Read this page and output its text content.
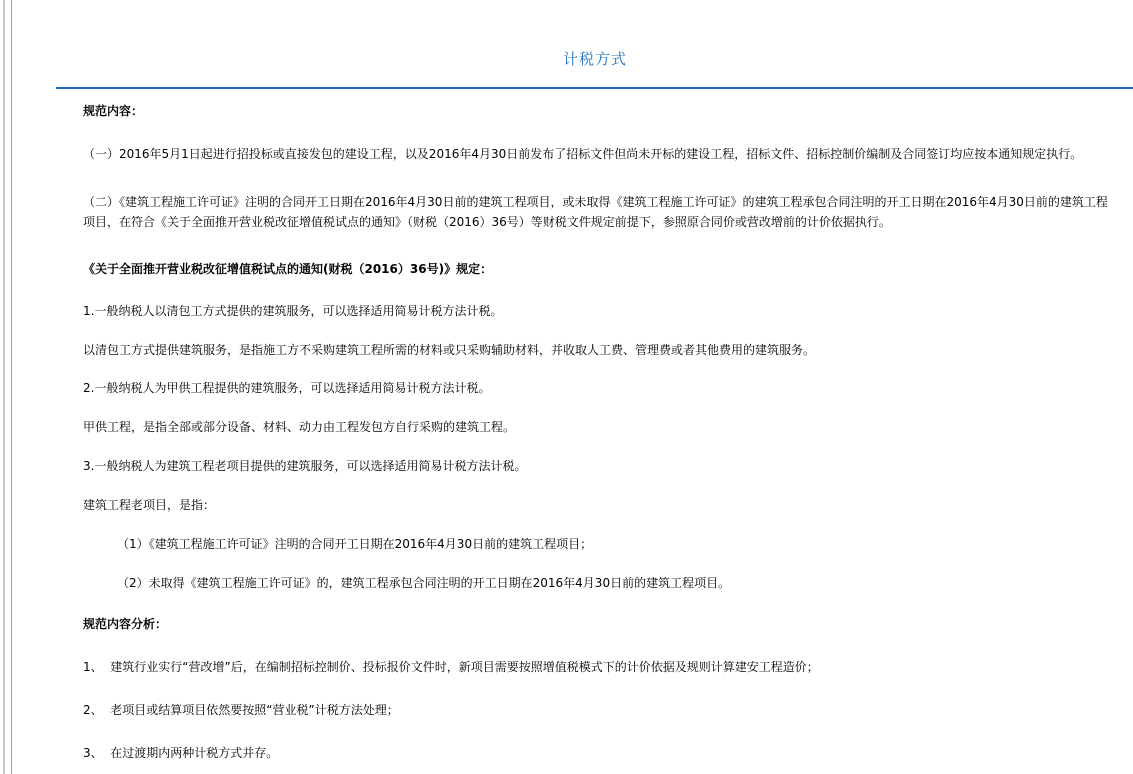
计税方式
规范内容：
（一）2016年5月1日起进行招投标或直接发包的建设工程，以及2016年4月30日前发布了招标文件但尚未开标的建设工程，招标文件、招标控制价编制及合同签订均应按本通知规定执行。
（二）《建筑工程施工许可证》注明的合同开工日期在2016年4月30日前的建筑工程项目，或未取得《建筑工程施工许可证》的建筑工程承包合同注明的开工日期在2016年4月30日前的建筑工程项目，在符合《关于全面推开营业税改征增值税试点的通知》（财税（2016）36号）等财税文件规定前提下，参照原合同价或营改增前的计价依据执行。
《关于全面推开营业税改征增值税试点的通知(财税（2016）36号)》规定：
1.一般纳税人以清包工方式提供的建筑服务，可以选择适用简易计税方法计税。
以清包工方式提供建筑服务，是指施工方不采购建筑工程所需的材料或只采购辅助材料，并收取人工费、管理费或者其他费用的建筑服务。
2.一般纳税人为甲供工程提供的建筑服务，可以选择适用简易计税方法计税。
甲供工程，是指全部或部分设备、材料、动力由工程发包方自行采购的建筑工程。
3.一般纳税人为建筑工程老项目提供的建筑服务，可以选择适用简易计税方法计税。
建筑工程老项目，是指：
（1）《建筑工程施工许可证》注明的合同开工日期在2016年4月30日前的建筑工程项目；
（2）未取得《建筑工程施工许可证》的，建筑工程承包合同注明的开工日期在2016年4月30日前的建筑工程项目。
规范内容分析：
1、  建筑行业实行“营改增”后，在编制招标控制价、投标报价文件时，新项目需要按照增值税模式下的计价依据及规则计算建安工程造价；
2、  老项目或结算项目依然要按照“营业税”计税方法处理；
3、  在过渡期内两种计税方式并存。
